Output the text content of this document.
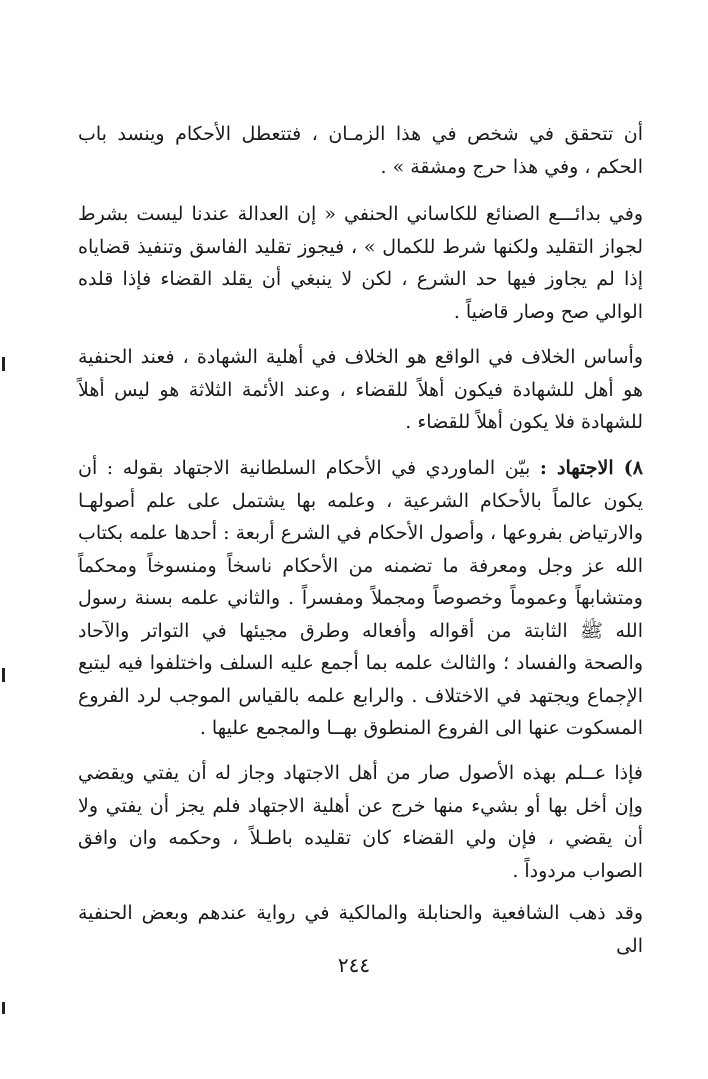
أن تتحقق في شخص في هذا الزمـان ، فتتعطل الأحكام وينسد باب الحكم ، وفي هذا حرج ومشقة » .

وفي بدائـــع الصنائع للكاساني الحنفي « إن العدالة عندنا ليست بشرط لجواز التقليد ولكنها شرط للكمال » ، فيجوز تقليد الفاسق وتنفيذ قضاياه إذا لم يجاوز فيها حد الشرع ، لكن لا ينبغي أن يقلد القضاء فإذا قلده الوالي صح وصار قاضياً .

وأساس الخلاف في الواقع هو الخلاف في أهلية الشهادة ، فعند الحنفية هو أهل للشهادة فيكون أهلاً للقضاء ، وعند الأئمة الثلاثة هو ليس أهلاً للشهادة فلا يكون أهلاً للقضاء .

٨) الاجتهاد : بيّن الماوردي في الأحكام السلطانية الاجتهاد بقوله : أن يكون عالماً بالأحكام الشرعية ، وعلمه بها يشتمل على علم أصولهـا والارتياض بفروعها ، وأصول الأحكام في الشرع أربعة : أحدها علمه بكتاب الله عز وجل ومعرفة ما تضمنه من الأحكام ناسخاً ومنسوخاً ومحكماً ومتشابهاً وعموماً وخصوصاً ومجملاً ومفسراً . والثاني علمه بسنة رسول الله ﷺ الثابتة من أقواله وأفعاله وطرق مجيئها في التواتر والآحاد والصحة والفساد ؛ والثالث علمه بما أجمع عليه السلف واختلفوا فيه ليتبع الإجماع ويجتهد في الاختلاف . والرابع علمه بالقياس الموجب لرد الفروع المسكوت عنها الى الفروع المنطوق بهــا والمجمع عليها .

فإذا عــلم بهذه الأصول صار من أهل الاجتهاد وجاز له أن يفتي ويقضي وإن أخل بها أو بشيء منها خرج عن أهلية الاجتهاد فلم يجز أن يفتي ولا أن يقضي ، فإن ولي القضاء كان تقليده باطـلاً ، وحكمه وان وافق الصواب مردوداً .

وقد ذهب الشافعية والحنابلة والمالكية في رواية عندهم وبعض الحنفية الى

٢٤٤
